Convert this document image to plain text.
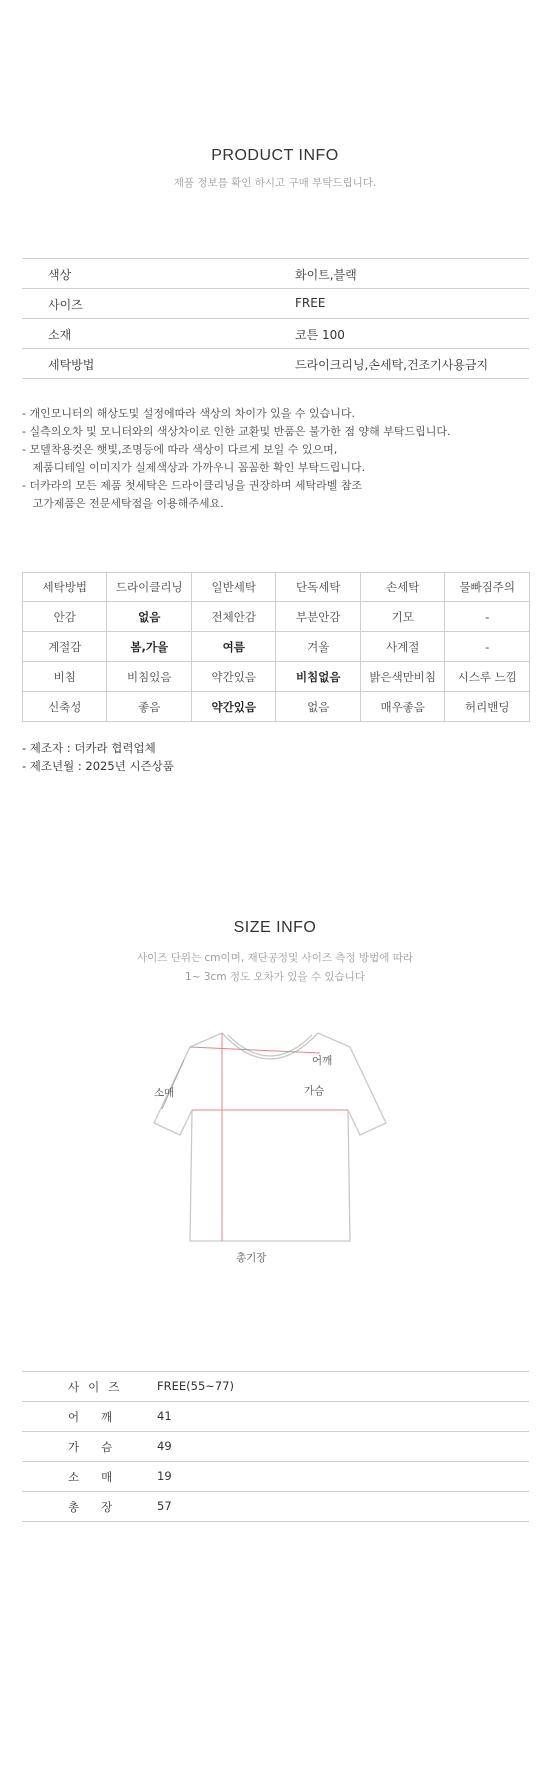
PRODUCT INFO
제품 정보를 확인 하시고 구매 부탁드립니다.
색상	화이트,블랙
사이즈	FREE
소재	코튼 100
세탁방법	드라이크리닝,손세탁,건조기사용금지
- 개인모니터의 해상도및 설정에따라 색상의 차이가 있을 수 있습니다.
- 실측의오차 및 모니터와의 색상차이로 인한 교환및 반품은 불가한 점 양해 부탁드립니다.
- 모델착용컷은 햇빛,조명등에 따라 색상이 다르게 보일 수 있으며,
제품디테일 이미지가 실제색상과 가까우니 꼼꼼한 확인 부탁드립니다.
- 더카라의 모든 제품 첫세탁은 드라이클리닝을 권장하며 세탁라벨 참조
고가제품은 전문세탁점을 이용해주세요.
세탁방법	드라이클리닝	일반세탁	단독세탁	손세탁	물빠짐주의
안감	없음	전체안감	부분안감	기모	-
계절감	봄,가을	여름	겨울	사계절	-
비침	비침있음	약간있음	비침없음	밝은색만비침	시스루 느낌
신축성	좋음	약간있음	없음	매우좋음	허리밴딩
- 제조자 : 더카라 협력업체
- 제조년월 : 2025년 시즌상품
SIZE INFO
사이즈 단위는 cm이며, 재단공정및 사이즈 측정 방법에 따라
1~ 3cm 정도 오차가 있을 수 있습니다
어깨
가슴
소매
총기장
사이즈 FREE(55~77)
어깨 41
가슴 49
소매 19
총장 57
